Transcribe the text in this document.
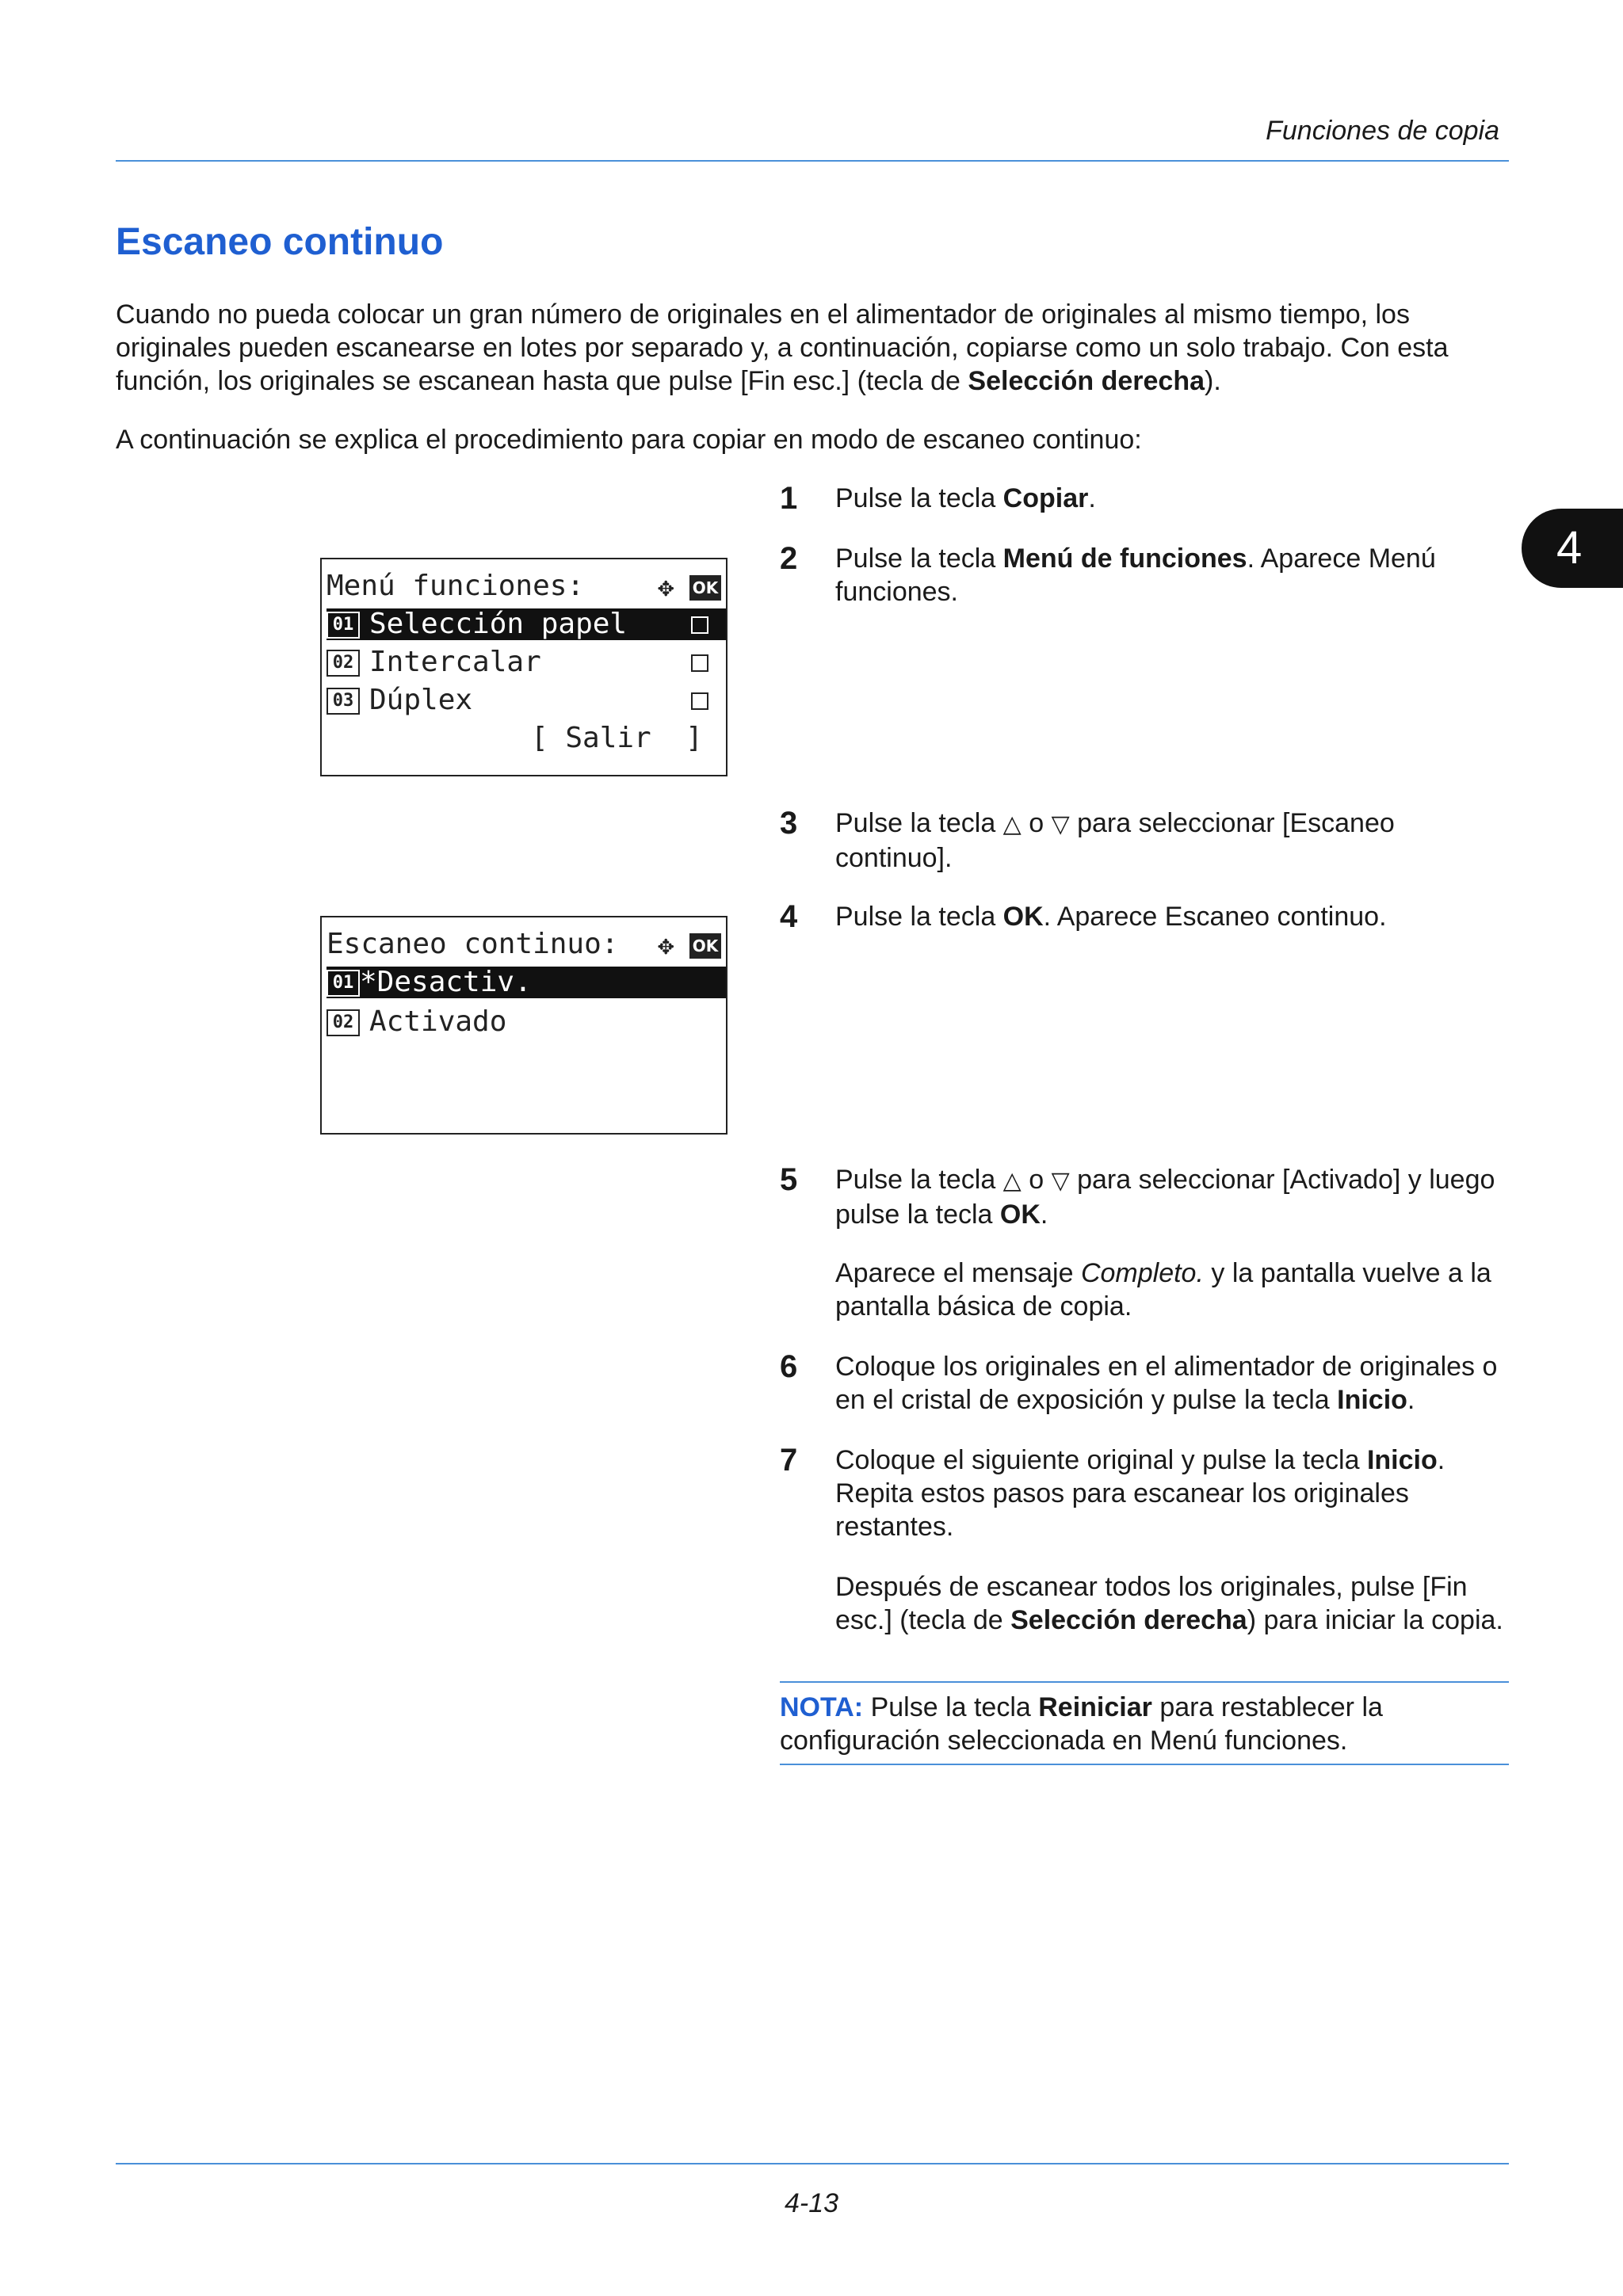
Funciones de copia
4
Escaneo continuo
Cuando no pueda colocar un gran número de originales en el alimentador de originales al mismo tiempo, los originales pueden escanearse en lotes por separado y, a continuación, copiarse como un solo trabajo. Con esta función, los originales se escanean hasta que pulse [Fin esc.] (tecla de Selección derecha).
A continuación se explica el procedimiento para copiar en modo de escaneo continuo:
Menú funciones:	✥ OK
01 Selección papel
02 Intercalar
03 Dúplex
[ Salir  ]
Escaneo continuo:	✥ OK
01 *Desactiv.
02 Activado
1 Pulse la tecla Copiar.
2 Pulse la tecla Menú de funciones. Aparece Menú funciones.
3 Pulse la tecla △ o ▽ para seleccionar [Escaneo continuo].
4 Pulse la tecla OK. Aparece Escaneo continuo.
5 Pulse la tecla △ o ▽ para seleccionar [Activado] y luego pulse la tecla OK.
Aparece el mensaje Completo. y la pantalla vuelve a la pantalla básica de copia.
6 Coloque los originales en el alimentador de originales o en el cristal de exposición y pulse la tecla Inicio.
7 Coloque el siguiente original y pulse la tecla Inicio. Repita estos pasos para escanear los originales restantes.
Después de escanear todos los originales, pulse [Fin esc.] (tecla de Selección derecha) para iniciar la copia.
NOTA: Pulse la tecla Reiniciar para restablecer la configuración seleccionada en Menú funciones.
4-13
